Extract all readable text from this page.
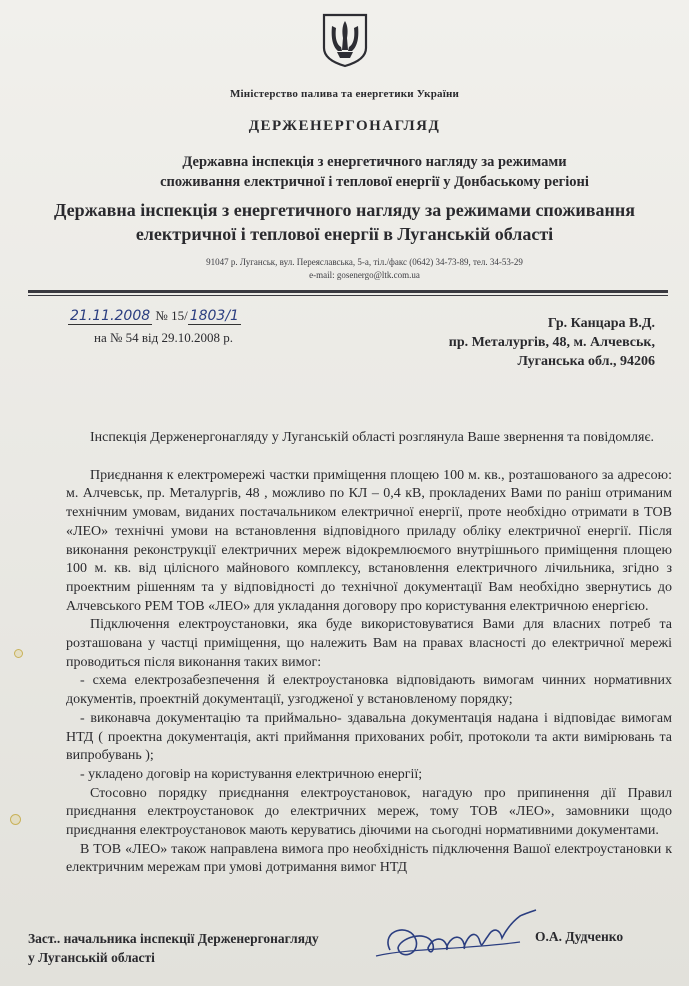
Міністерство палива та енергетики України
ДЕРЖЕНЕРГОНАГЛЯД
Державна інспекція з енергетичного нагляду за режимами
споживання електричної і теплової енергії у Донбаському регіоні
Державна інспекція з енергетичного нагляду за режимами споживання
електричної і теплової енергії в Луганській області
91047 р. Луганськ, вул. Переяславська, 5-а, тіл./факс (0642) 34-73-89, тел. 34-53-29
e-mail: gosenergo@ltk.com.ua
21.11.2008 № 15/ 1803/1
на № 54 від 29.10.2008 р.
Гр. Канцара В.Д.
пр. Металургів, 48, м. Алчевськ,
Луганська обл., 94206

Інспекція Держенергонагляду у Луганській області розглянула Ваше звернення та повідомляє.

Приєднання к електромережі частки приміщення площею 100 м. кв., розташованого за адресою: м. Алчевськ, пр. Металургів, 48 , можливо по КЛ – 0,4 кВ, прокладених Вами по раніш отриманим технічним умовам, виданих постачальником електричної енергії, проте необхідно отримати в ТОВ «ЛЕО» технічні умови на встановлення відповідного приладу обліку електричної енергії. Після виконання реконструкції електричних мереж відокремлюємого внутрішнього приміщення площею 100 м. кв. від цілісного майнового комплексу, встановлення електричного лічильника, згідно з проектним рішенням та у відповідності до технічної документації Вам необхідно звернутись до Алчевського РЕМ ТОВ «ЛЕО» для укладання договору про користування електричною енергією.

Підключення електроустановки, яка буде використовуватися Вами для власних потреб та розташована у частці приміщення, що належить Вам на правах власності до електричної мережі проводиться після виконання таких вимог:

- схема електрозабезпечення й електроустановка відповідають вимогам чинних нормативних документів, проектній документації, узгодженої у встановленому порядку;

- виконавча документацію та приймально- здавальна документація надана і відповідає вимогам НТД ( проектна документація, акті приймання прихованих робіт, протоколи та акти вимірювань та випробувань );

- укладено договір на користування електричною енергії;

Стосовно порядку приєднання електроустановок, нагадую про припинення дії Правил приєднання електроустановок до електричних мереж, тому ТОВ «ЛЕО», замовники щодо приєднання електроустановок мають керуватись діючими на сьогодні нормативними документами.

В ТОВ «ЛЕО» також направлена вимога про необхідність підключення Вашої електроустановки к електричним мережам при умові дотримання вимог НТД

Заст.. начальника інспекції Держенергонагляду
у Луганській області
О.А. Дудченко
